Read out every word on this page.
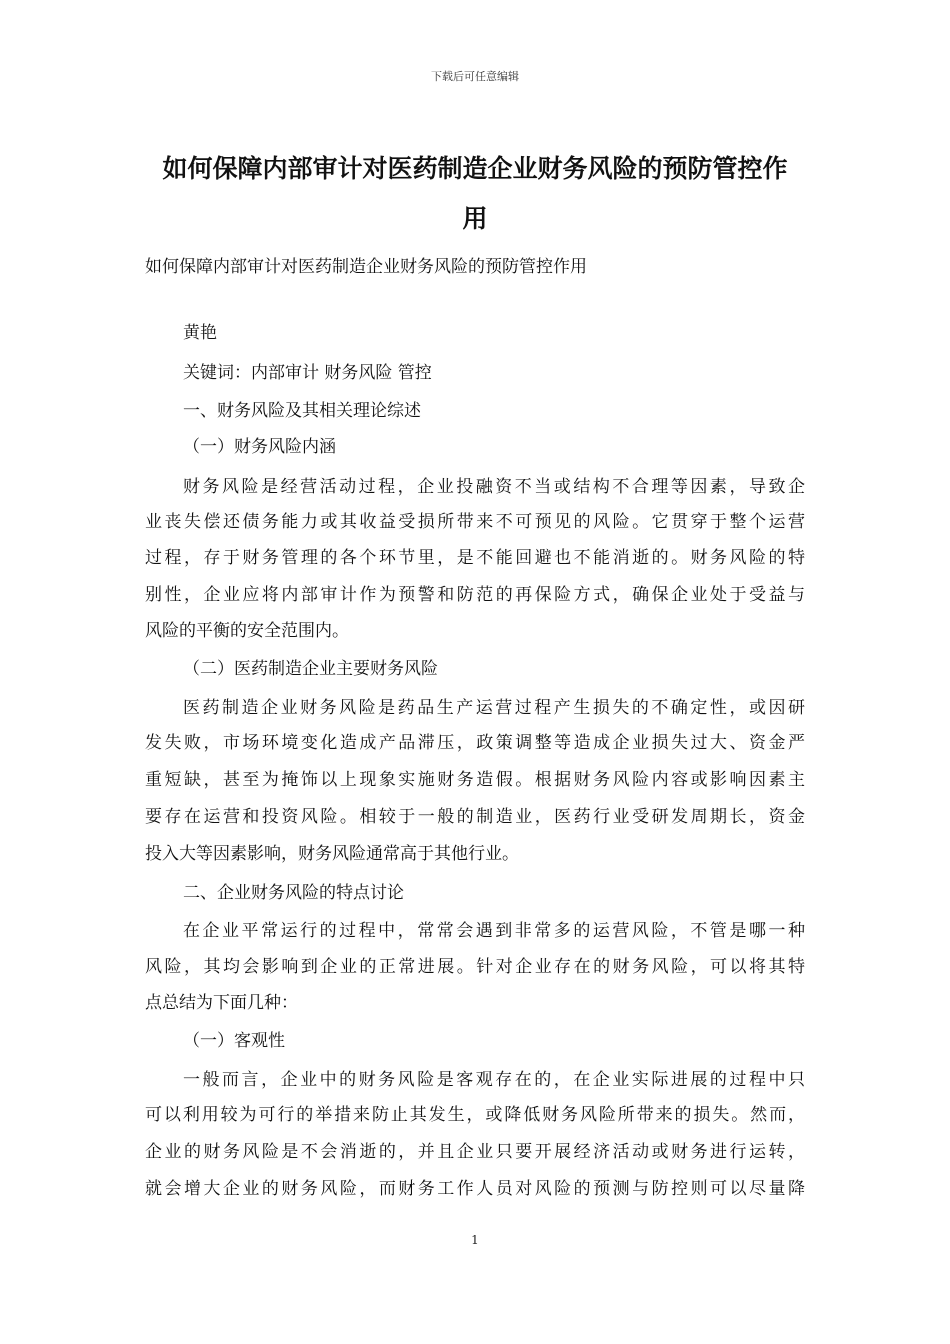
下载后可任意编辑
如何保障内部审计对医药制造企业财务风险的预防管控作
用
如何保障内部审计对医药制造企业财务风险的预防管控作用
黄艳
关键词：内部审计 财务风险 管控
一、财务风险及其相关理论综述
（一）财务风险内涵
财务风险是经营活动过程，企业投融资不当或结构不合理等因素，导致企
业丧失偿还债务能力或其收益受损所带来不可预见的风险。它贯穿于整个运营
过程，存于财务管理的各个环节里，是不能回避也不能消逝的。财务风险的特
别性，企业应将内部审计作为预警和防范的再保险方式，确保企业处于受益与
风险的平衡的安全范围内。
（二）医药制造企业主要财务风险
医药制造企业财务风险是药品生产运营过程产生损失的不确定性，或因研
发失败，市场环境变化造成产品滞压，政策调整等造成企业损失过大、资金严
重短缺，甚至为掩饰以上现象实施财务造假。根据财务风险内容或影响因素主
要存在运营和投资风险。相较于一般的制造业，医药行业受研发周期长，资金
投入大等因素影响，财务风险通常高于其他行业。
二、企业财务风险的特点讨论
在企业平常运行的过程中，常常会遇到非常多的运营风险，不管是哪一种
风险，其均会影响到企业的正常进展。针对企业存在的财务风险，可以将其特
点总结为下面几种：
（一）客观性
一般而言，企业中的财务风险是客观存在的，在企业实际进展的过程中只
可以利用较为可行的举措来防止其发生，或降低财务风险所带来的损失。然而，
企业的财务风险是不会消逝的，并且企业只要开展经济活动或财务进行运转，
就会增大企业的财务风险，而财务工作人员对风险的预测与防控则可以尽量降
1
